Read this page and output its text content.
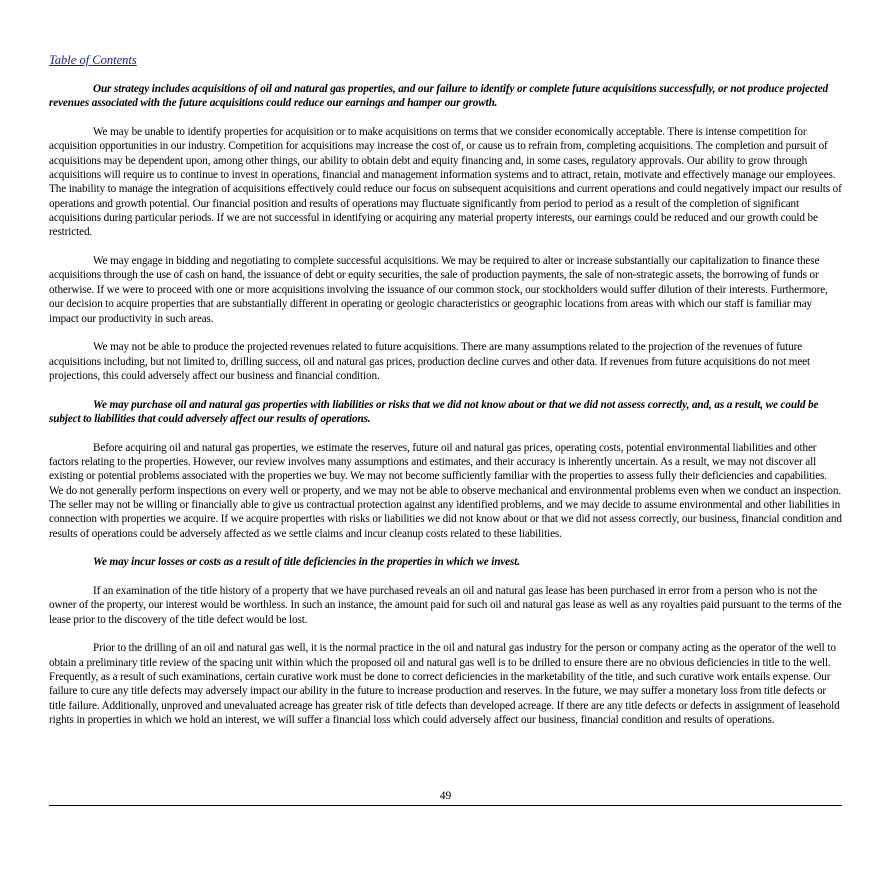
Table of Contents

Our strategy includes acquisitions of oil and natural gas properties, and our failure to identify or complete future acquisitions successfully, or not produce projected revenues associated with the future acquisitions could reduce our earnings and hamper our growth.

We may be unable to identify properties for acquisition or to make acquisitions on terms that we consider economically acceptable. There is intense competition for acquisition opportunities in our industry. Competition for acquisitions may increase the cost of, or cause us to refrain from, completing acquisitions. The completion and pursuit of acquisitions may be dependent upon, among other things, our ability to obtain debt and equity financing and, in some cases, regulatory approvals. Our ability to grow through acquisitions will require us to continue to invest in operations, financial and management information systems and to attract, retain, motivate and effectively manage our employees. The inability to manage the integration of acquisitions effectively could reduce our focus on subsequent acquisitions and current operations and could negatively impact our results of operations and growth potential. Our financial position and results of operations may fluctuate significantly from period to period as a result of the completion of significant acquisitions during particular periods. If we are not successful in identifying or acquiring any material property interests, our earnings could be reduced and our growth could be restricted.

We may engage in bidding and negotiating to complete successful acquisitions. We may be required to alter or increase substantially our capitalization to finance these acquisitions through the use of cash on hand, the issuance of debt or equity securities, the sale of production payments, the sale of non-strategic assets, the borrowing of funds or otherwise. If we were to proceed with one or more acquisitions involving the issuance of our common stock, our stockholders would suffer dilution of their interests. Furthermore, our decision to acquire properties that are substantially different in operating or geologic characteristics or geographic locations from areas with which our staff is familiar may impact our productivity in such areas.

We may not be able to produce the projected revenues related to future acquisitions. There are many assumptions related to the projection of the revenues of future acquisitions including, but not limited to, drilling success, oil and natural gas prices, production decline curves and other data. If revenues from future acquisitions do not meet projections, this could adversely affect our business and financial condition.

We may purchase oil and natural gas properties with liabilities or risks that we did not know about or that we did not assess correctly, and, as a result, we could be subject to liabilities that could adversely affect our results of operations.

Before acquiring oil and natural gas properties, we estimate the reserves, future oil and natural gas prices, operating costs, potential environmental liabilities and other factors relating to the properties. However, our review involves many assumptions and estimates, and their accuracy is inherently uncertain. As a result, we may not discover all existing or potential problems associated with the properties we buy. We may not become sufficiently familiar with the properties to assess fully their deficiencies and capabilities. We do not generally perform inspections on every well or property, and we may not be able to observe mechanical and environmental problems even when we conduct an inspection. The seller may not be willing or financially able to give us contractual protection against any identified problems, and we may decide to assume environmental and other liabilities in connection with properties we acquire. If we acquire properties with risks or liabilities we did not know about or that we did not assess correctly, our business, financial condition and results of operations could be adversely affected as we settle claims and incur cleanup costs related to these liabilities.

We may incur losses or costs as a result of title deficiencies in the properties in which we invest.

If an examination of the title history of a property that we have purchased reveals an oil and natural gas lease has been purchased in error from a person who is not the owner of the property, our interest would be worthless. In such an instance, the amount paid for such oil and natural gas lease as well as any royalties paid pursuant to the terms of the lease prior to the discovery of the title defect would be lost.

Prior to the drilling of an oil and natural gas well, it is the normal practice in the oil and natural gas industry for the person or company acting as the operator of the well to obtain a preliminary title review of the spacing unit within which the proposed oil and natural gas well is to be drilled to ensure there are no obvious deficiencies in title to the well. Frequently, as a result of such examinations, certain curative work must be done to correct deficiencies in the marketability of the title, and such curative work entails expense. Our failure to cure any title defects may adversely impact our ability in the future to increase production and reserves. In the future, we may suffer a monetary loss from title defects or title failure. Additionally, unproved and unevaluated acreage has greater risk of title defects than developed acreage. If there are any title defects or defects in assignment of leasehold rights in properties in which we hold an interest, we will suffer a financial loss which could adversely affect our business, financial condition and results of operations.

49
